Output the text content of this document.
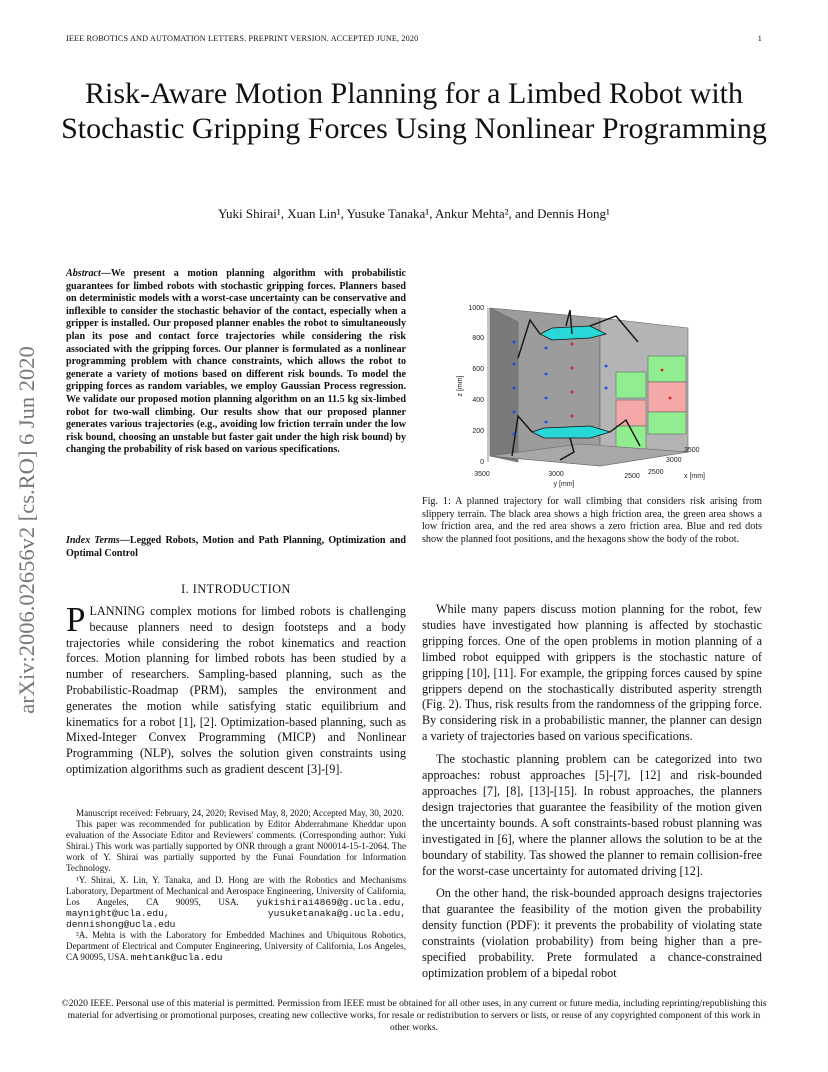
IEEE ROBOTICS AND AUTOMATION LETTERS. PREPRINT VERSION. ACCEPTED JUNE, 2020	1
Risk-Aware Motion Planning for a Limbed Robot with Stochastic Gripping Forces Using Nonlinear Programming
Yuki Shirai¹, Xuan Lin¹, Yusuke Tanaka¹, Ankur Mehta², and Dennis Hong¹
arXiv:2006.02656v2 [cs.RO] 6 Jun 2020
Abstract—We present a motion planning algorithm with probabilistic guarantees for limbed robots with stochastic gripping forces. Planners based on deterministic models with a worst-case uncertainty can be conservative and inflexible to consider the stochastic behavior of the contact, especially when a gripper is installed. Our proposed planner enables the robot to simultaneously plan its pose and contact force trajectories while considering the risk associated with the gripping forces. Our planner is formulated as a nonlinear programming problem with chance constraints, which allows the robot to generate a variety of motions based on different risk bounds. To model the gripping forces as random variables, we employ Gaussian Process regression. We validate our proposed motion planning algorithm on an 11.5 kg six-limbed robot for two-wall climbing. Our results show that our proposed planner generates various trajectories (e.g., avoiding low friction terrain under the low risk bound, choosing an unstable but faster gait under the high risk bound) by changing the probability of risk based on various specifications.
Index Terms—Legged Robots, Motion and Path Planning, Optimization and Optimal Control
I. INTRODUCTION
PLANNING complex motions for limbed robots is challenging because planners need to design footsteps and a body trajectories while considering the robot kinematics and reaction forces. Motion planning for limbed robots has been studied by a number of researchers. Sampling-based planning, such as the Probabilistic-Roadmap (PRM), samples the environment and generates the motion while satisfying static equilibrium and kinematics for a robot [1], [2]. Optimization-based planning, such as Mixed-Integer Convex Programming (MICP) and Nonlinear Programming (NLP), solves the solution given constraints using optimization algorithms such as gradient descent [3]-[9].

Manuscript received: February, 24, 2020; Revised May, 8, 2020; Accepted May, 30, 2020.

This paper was recommended for publication by Editor Abderrahmane Kheddar upon evaluation of the Associate Editor and Reviewers' comments. (Corresponding author: Yuki Shirai.) This work was partially supported by ONR through a grant N00014-15-1-2064. The work of Y. Shirai was partially supported by the Funai Foundation for Information Technology.

¹Y. Shirai, X. Lin, Y. Tanaka, and D. Hong are with the Robotics and Mechanisms Laboratory, Department of Mechanical and Aerospace Engineering, University of California, Los Angeles, CA 90095, USA. yukishirai4869@g.ucla.edu, maynight@ucla.edu, yusuketanaka@g.ucla.edu, dennishong@ucla.edu

²A. Mehta is with the Laboratory for Embedded Machines and Ubiquitous Robotics, Department of Electrical and Computer Engineering, University of California, Los Angeles, CA 90095, USA. mehtank@ucla.edu

0
200
400
600
800
1000
z [mm]
3500	3000	2500
y [mm]
2500
3000
3500
x [mm]
Fig. 1: A planned trajectory for wall climbing that considers risk arising from slippery terrain. The black area shows a high friction area, the green area shows a low friction area, and the red area shows a zero friction area. Blue and red dots show the planned foot positions, and the hexagons show the body of the robot.

While many papers discuss motion planning for the robot, few studies have investigated how planning is affected by stochastic gripping forces. One of the open problems in motion planning of a limbed robot equipped with grippers is the stochastic nature of gripping [10], [11]. For example, the gripping forces caused by spine grippers depend on the stochastically distributed asperity strength (Fig. 2). Thus, risk results from the randomness of the gripping force. By considering risk in a probabilistic manner, the planner can design a variety of trajectories based on various specifications.

The stochastic planning problem can be categorized into two approaches: robust approaches [5]-[7], [12] and risk-bounded approaches [7], [8], [13]-[15]. In robust approaches, the planners design trajectories that guarantee the feasibility of the motion given the uncertainty bounds. A soft constraints-based robust planning was investigated in [6], where the planner allows the solution to be at the boundary of stability. Tas showed the planner to remain collision-free for the worst-case uncertainty for automated driving [12].

On the other hand, the risk-bounded approach designs trajectories that guarantee the feasibility of the motion given the probability density function (PDF): it prevents the probability of violating state constraints (violation probability) from being higher than a pre-specified probability. Prete formulated a chance-constrained optimization problem of a bipedal robot

©2020 IEEE. Personal use of this material is permitted. Permission from IEEE must be obtained for all other uses, in any current or future media, including reprinting/republishing this material for advertising or promotional purposes, creating new collective works, for resale or redistribution to servers or lists, or reuse of any copyrighted component of this work in other works.
